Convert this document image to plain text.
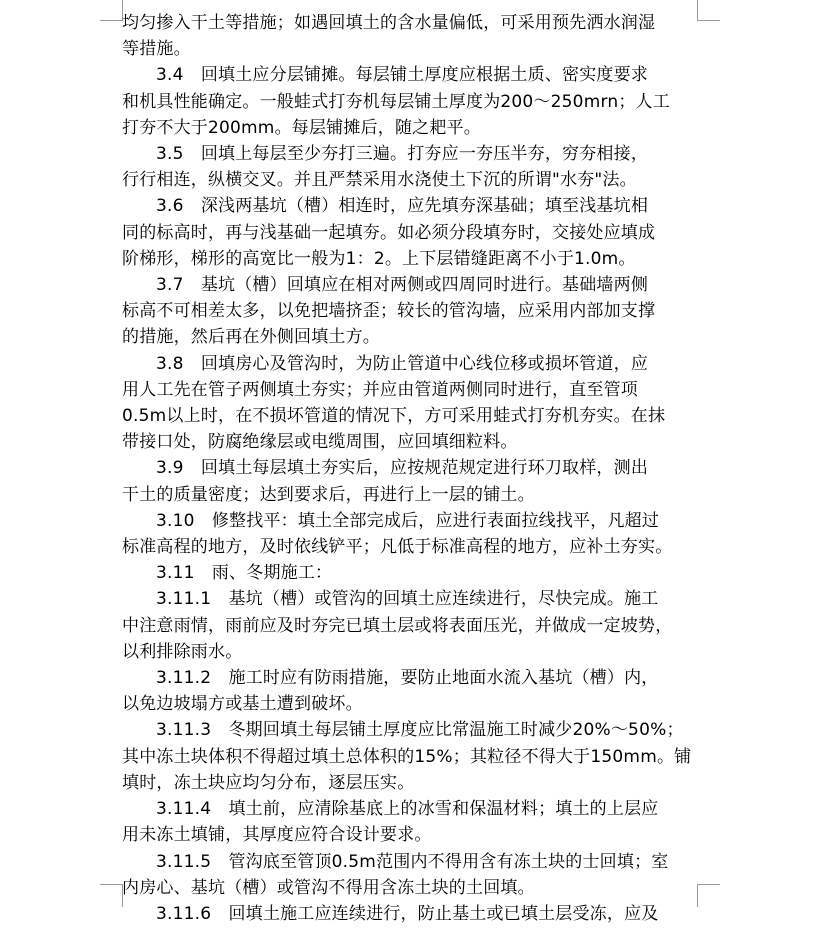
均匀掺入干土等措施；如遇回填土的含水量偏低，可采用预先洒水润湿
等措施。

3.4　回填土应分层铺摊。每层铺土厚度应根据土质、密实度要求
和机具性能确定。一般蛙式打夯机每层铺土厚度为200～250mrn；人工
打夯不大于200mm。每层铺摊后，随之耙平。

3.5　回填上每层至少夯打三遍。打夯应一夯压半夯，穷夯相接，
行行相连，纵横交叉。并且严禁采用水浇使土下沉的所谓"水夯"法。

3.6　深浅两基坑（槽）相连时，应先填夯深基础；填至浅基坑相
同的标高时，再与浅基础一起填夯。如必须分段填夯时，交接处应填成
阶梯形，梯形的高宽比一般为1：2。上下层错缝距离不小于1.0m。

3.7　基坑（槽）回填应在相对两侧或四周同时进行。基础墙两侧
标高不可相差太多，以免把墙挤歪；较长的管沟墙，应采用内部加支撑
的措施，然后再在外侧回填土方。

3.8　回填房心及管沟时，为防止管道中心线位移或损坏管道，应
用人工先在管子两侧填土夯实；并应由管道两侧同时进行，直至管项
0.5m以上时，在不损坏管道的情况下，方可采用蛙式打夯机夯实。在抹
带接口处，防腐绝缘层或电缆周围，应回填细粒料。

3.9　回填土每层填土夯实后，应按规范规定进行环刀取样，测出
干土的质量密度；达到要求后，再进行上一层的铺土。

3.10　修整找平：填土全部完成后，应进行表面拉线找平，凡超过
标准高程的地方，及时依线铲平；凡低于标准高程的地方，应补土夯实。

3.11　雨、冬期施工：

3.11.1　基坑（槽）或管沟的回填土应连续进行，尽快完成。施工
中注意雨情，雨前应及时夯完已填土层或将表面压光，并做成一定坡势，
以利排除雨水。

3.11.2　施工时应有防雨措施，要防止地面水流入基坑（槽）内，
以免边坡塌方或基土遭到破坏。

3.11.3　冬期回填土每层铺土厚度应比常温施工时减少20%～50%；
其中冻土块体积不得超过填土总体积的15%；其粒径不得大于150mm。铺
填时，冻土块应均匀分布，逐层压实。

3.11.4　填土前，应清除基底上的冰雪和保温材料；填土的上层应
用未冻土填铺，其厚度应符合设计要求。

3.11.5　管沟底至管顶0.5m范围内不得用含有冻土块的士回填；室
内房心、基坑（槽）或管沟不得用含冻土块的土回填。

3.11.6　回填土施工应连续进行，防止基土或已填土层受冻，应及
